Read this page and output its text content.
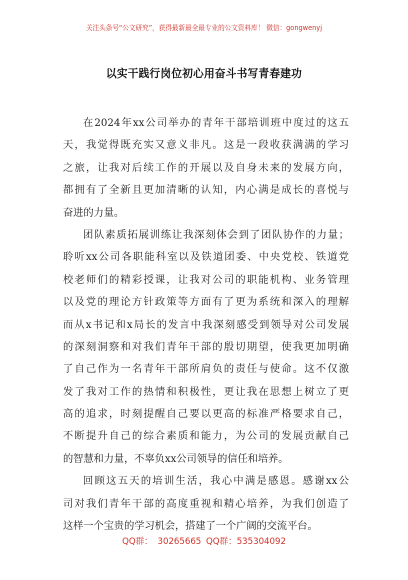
关注头条号“公文研究”，获得最新最全最专业的公文资料库！ 微信：gongwenyj
以实干践行岗位初心用奋斗书写青春建功
在2024年xx公司举办的青年干部培训班中度过的这五
天，我觉得既充实又意义非凡。这是一段收获满满的学习
之旅，让我对后续工作的开展以及自身未来的发展方向，
都拥有了全新且更加清晰的认知，内心满是成长的喜悦与
奋进的力量。
团队素质拓展训练让我深刻体会到了团队协作的力量；
聆听xx公司各职能科室以及铁道团委、中央党校、铁道党
校老师们的精彩授课，让我对公司的职能机构、业务管理
以及党的理论方针政策等方面有了更为系统和深入的理解
而从x书记和x局长的发言中我深刻感受到领导对公司发展
的深刻洞察和对我们青年干部的殷切期望，使我更加明确
了自己作为一名青年干部所肩负的责任与使命。这不仅激
发了我对工作的热情和积极性，更让我在思想上树立了更
高的追求，时刻提醒自己要以更高的标准严格要求自己，
不断提升自己的综合素质和能力，为公司的发展贡献自己
的智慧和力量，不辜负xx公司领导的信任和培养。
回顾这五天的培训生活，我心中满是感恩。感谢xx公
司对我们青年干部的高度重视和精心培养，为我们创造了
这样一个宝贵的学习机会，搭建了一个广阔的交流平台。
QQ群： 30265665 QQ群：535304092
